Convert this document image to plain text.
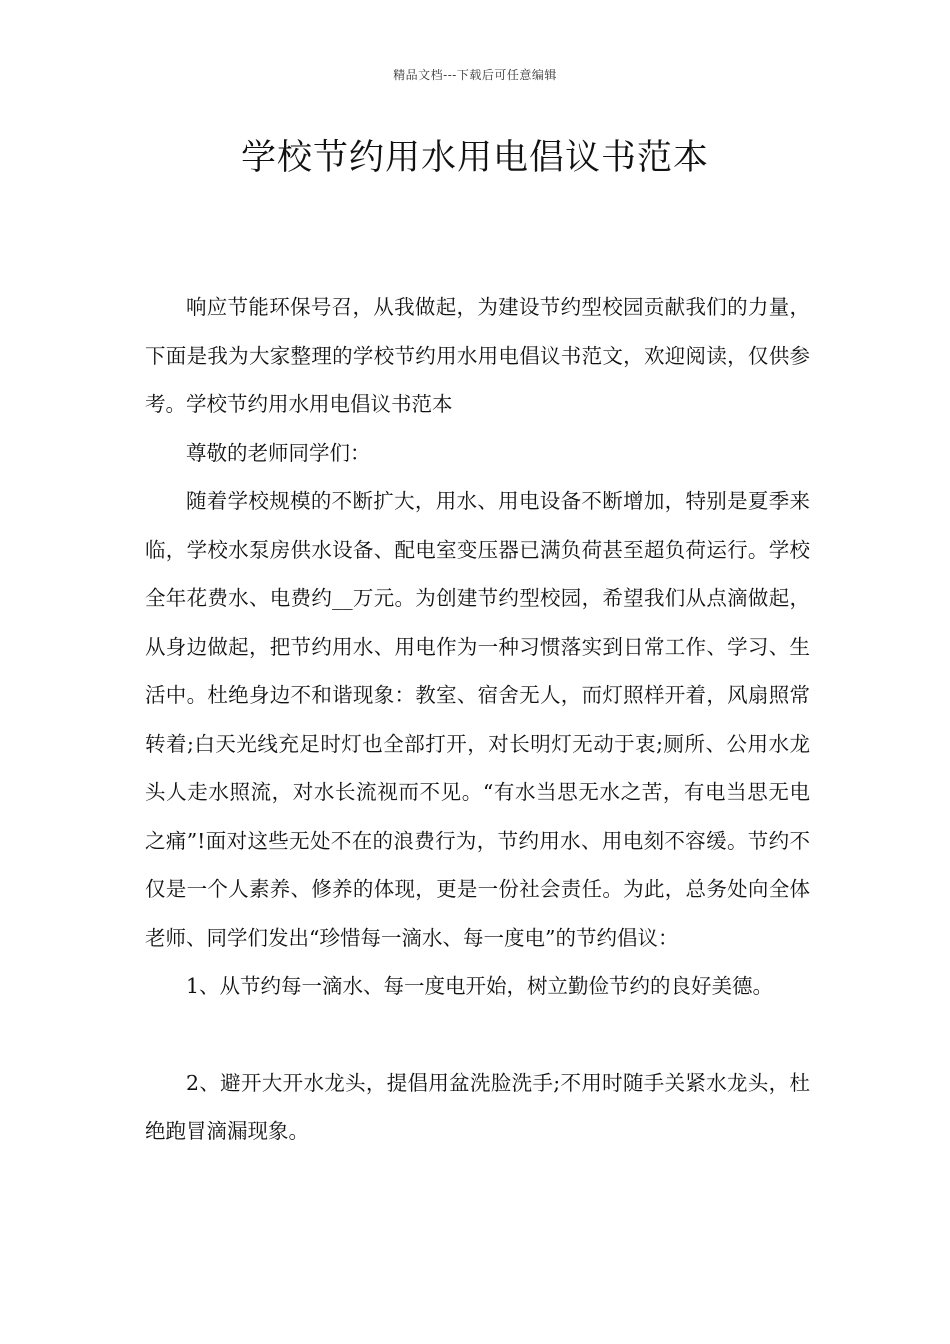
精品文档---下载后可任意编辑
学校节约用水用电倡议书范本

响应节能环保号召，从我做起，为建设节约型校园贡献我们的力量，下面是我为大家整理的学校节约用水用电倡议书范文，欢迎阅读，仅供参考。学校节约用水用电倡议书范本

尊敬的老师同学们：

随着学校规模的不断扩大，用水、用电设备不断增加，特别是夏季来临，学校水泵房供水设备、配电室变压器已满负荷甚至超负荷运行。学校全年花费水、电费约__万元。为创建节约型校园，希望我们从点滴做起，从身边做起，把节约用水、用电作为一种习惯落实到日常工作、学习、生活中。杜绝身边不和谐现象：教室、宿舍无人，而灯照样开着，风扇照常转着;白天光线充足时灯也全部打开，对长明灯无动于衷;厕所、公用水龙头人走水照流，对水长流视而不见。“有水当思无水之苦，有电当思无电之痛”!面对这些无处不在的浪费行为，节约用水、用电刻不容缓。节约不仅是一个人素养、修养的体现，更是一份社会责任。为此，总务处向全体老师、同学们发出“珍惜每一滴水、每一度电”的节约倡议：

1、从节约每一滴水、每一度电开始，树立勤俭节约的良好美德。

2、避开大开水龙头，提倡用盆洗脸洗手;不用时随手关紧水龙头，杜绝跑冒滴漏现象。
